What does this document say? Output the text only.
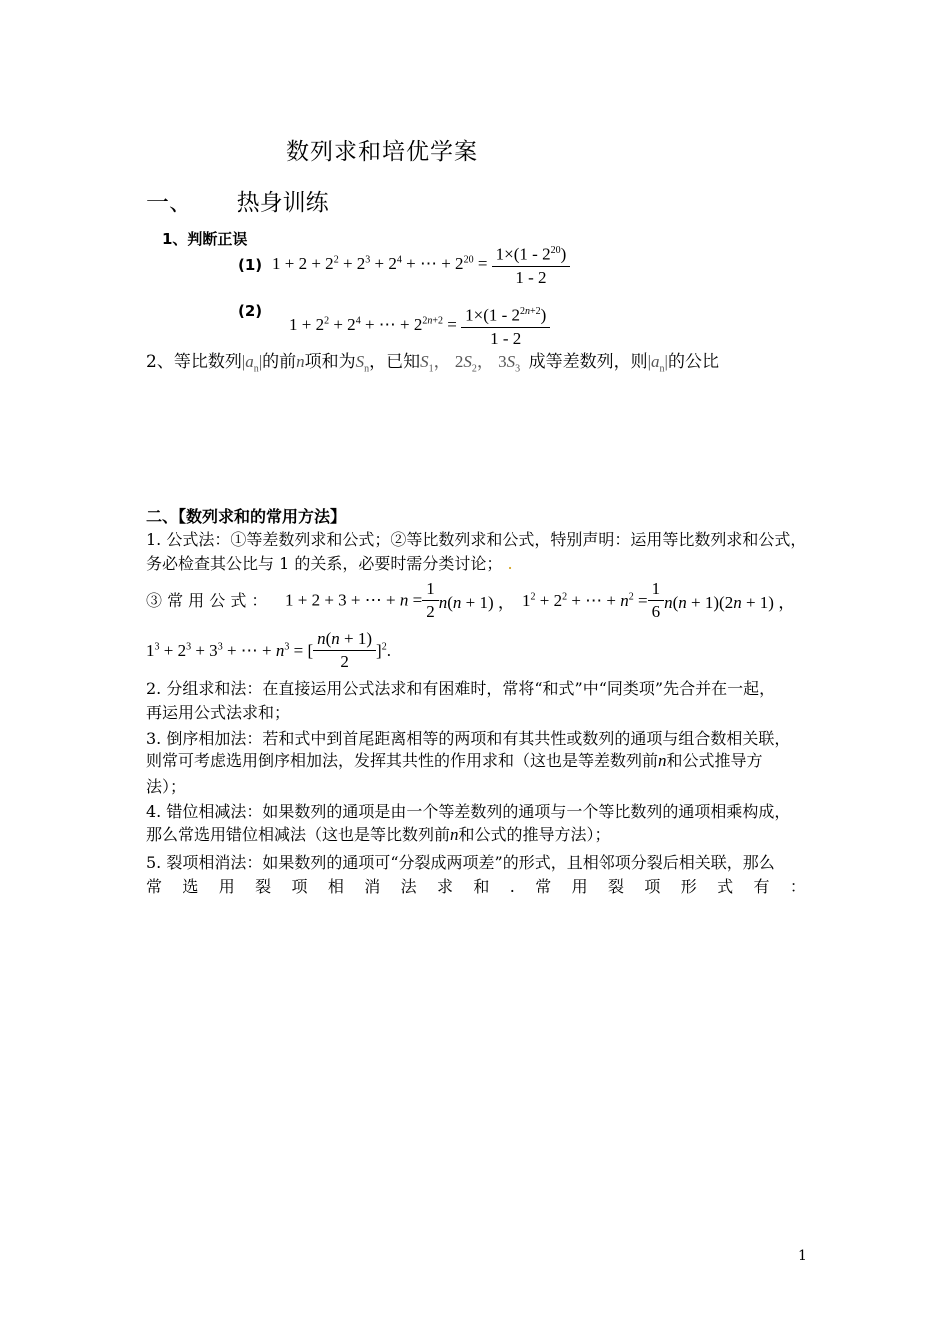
数列求和培优学案
一、 热身训练
1、判断正误
(1) $1 + 2 + 2^2 + 2^3 + 2^4$ + ⋯ + $2^{20} = \frac{1\times(1 - 2^{20})}{1 - 2}$
(2)
$1 + 2^2 + 2^4$ + ⋯ + $2^{2n+2} = \frac{1\times(1 - 2^{2n+2})}{1 - 2}$
2、等比数列$|a_n|$的前n项和为$S_n$，已知$S_1$， $2S_2$， $3S_3$ 成等差数列，则$|a_n|$的公比
二、【数列求和的常用方法】
1. 公式法：①等差数列求和公式；②等比数列求和公式，特别声明：运用等比数列求和公式，
务必检查其公比与 1 的关系，必要时需分类讨论； .
③ 常 用 公 式 ： 1 + 2 + 3 + ⋯ + $n = \frac{1}{2} n(n + 1)$ ， $1^2 + 2^2$ + ⋯ + $n^2 = \frac{1}{6} n(n + 1)(2n + 1)$ ，
$1^3 + 2^3 + 3^3$ + ⋯ + $n^3$ = [ $\frac{n(n + 1)}{2} ]^2$.
2. 分组求和法：在直接运用公式法求和有困难时，常将“和式”中“同类项”先合并在一起，
再运用公式法求和；
3. 倒序相加法：若和式中到首尾距离相等的两项和有其共性或数列的通项与组合数相关联，
则常可考虑选用倒序相加法，发挥其共性的作用求和（这也是等差数列前n和公式推导方
法）；
4. 错位相减法：如果数列的通项是由一个等差数列的通项与一个等比数列的通项相乘构成，
那么常选用错位相减法（这也是等比数列前n和公式的推导方法）；
5. 裂项相消法：如果数列的通项可“分裂成两项差”的形式，且相邻项分裂后相关联，那么
常 选 用 裂 项 相 消 法 求 和 . 常 用 裂 项 形 式 有 ：
1
